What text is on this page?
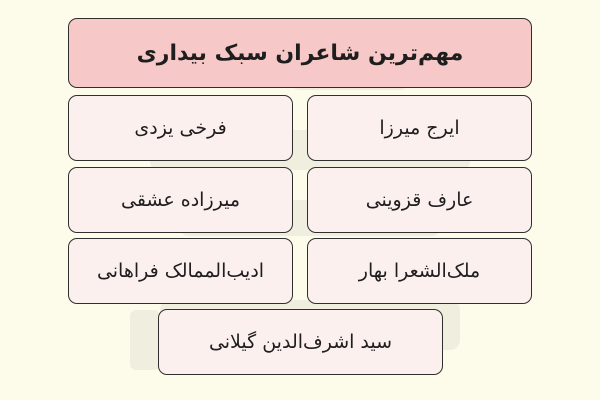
مهم‌ترین شاعران سبک بیداری
ایرج میرزا
فرخی یزدی
عارف قزوینی
میرزاده عشقی
ملک‌الشعرا بهار
ادیب‌الممالک فراهانی
سید اشرف‌الدین گیلانی
